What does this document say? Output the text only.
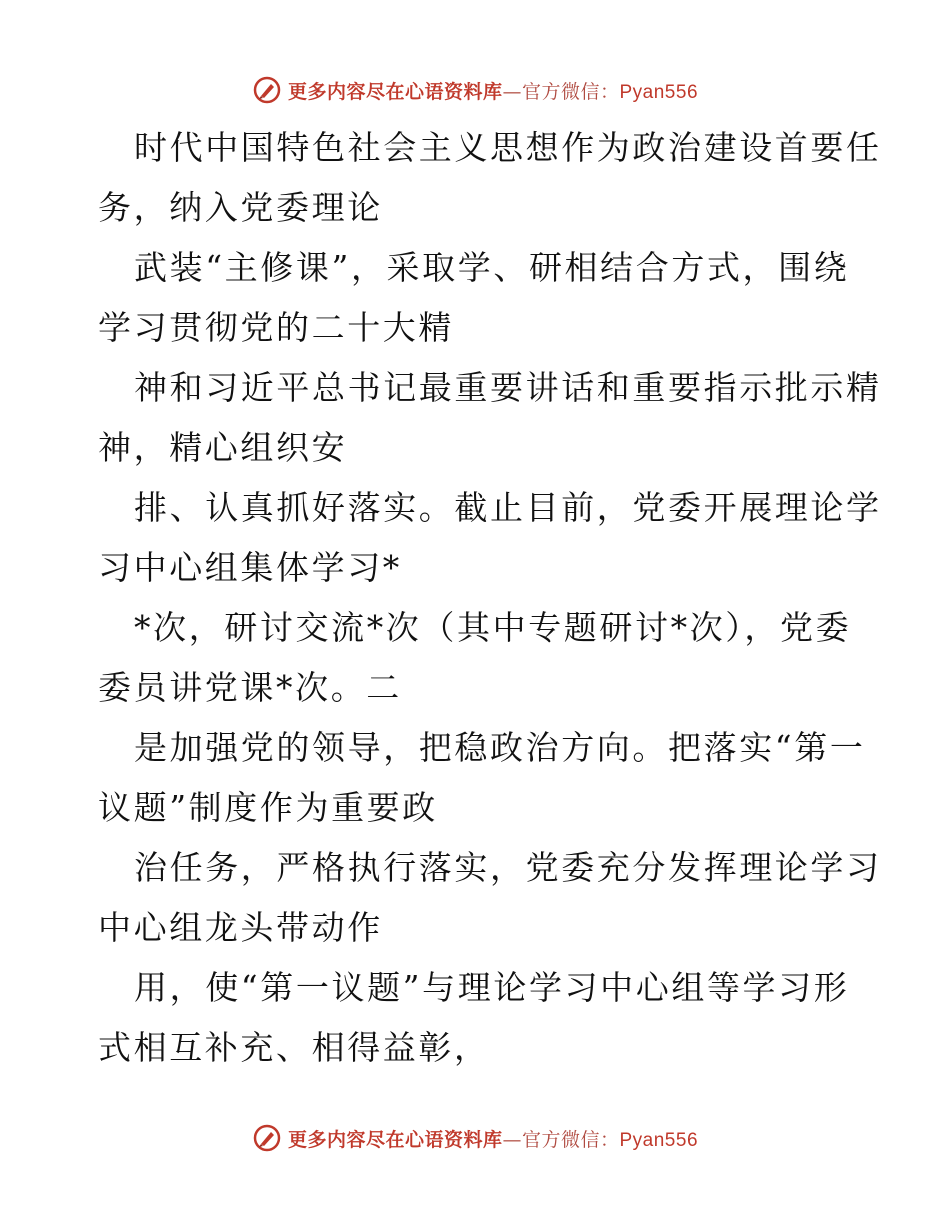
更多内容尽在心语资料库—官方微信：Pyan556

时代中国特色社会主义思想作为政治建设首要任
务，纳入党委理论

武装“主修课”，采取学、研相结合方式，围绕
学习贯彻党的二十大精

神和习近平总书记最重要讲话和重要指示批示精
神，精心组织安

排、认真抓好落实。截止目前，党委开展理论学
习中心组集体学习*

*次，研讨交流*次（其中专题研讨*次），党委
委员讲党课*次。二

是加强党的领导，把稳政治方向。把落实“第一
议题”制度作为重要政

治任务，严格执行落实，党委充分发挥理论学习
中心组龙头带动作

用，使“第一议题”与理论学习中心组等学习形
式相互补充、相得益彰，

更多内容尽在心语资料库—官方微信：Pyan556
